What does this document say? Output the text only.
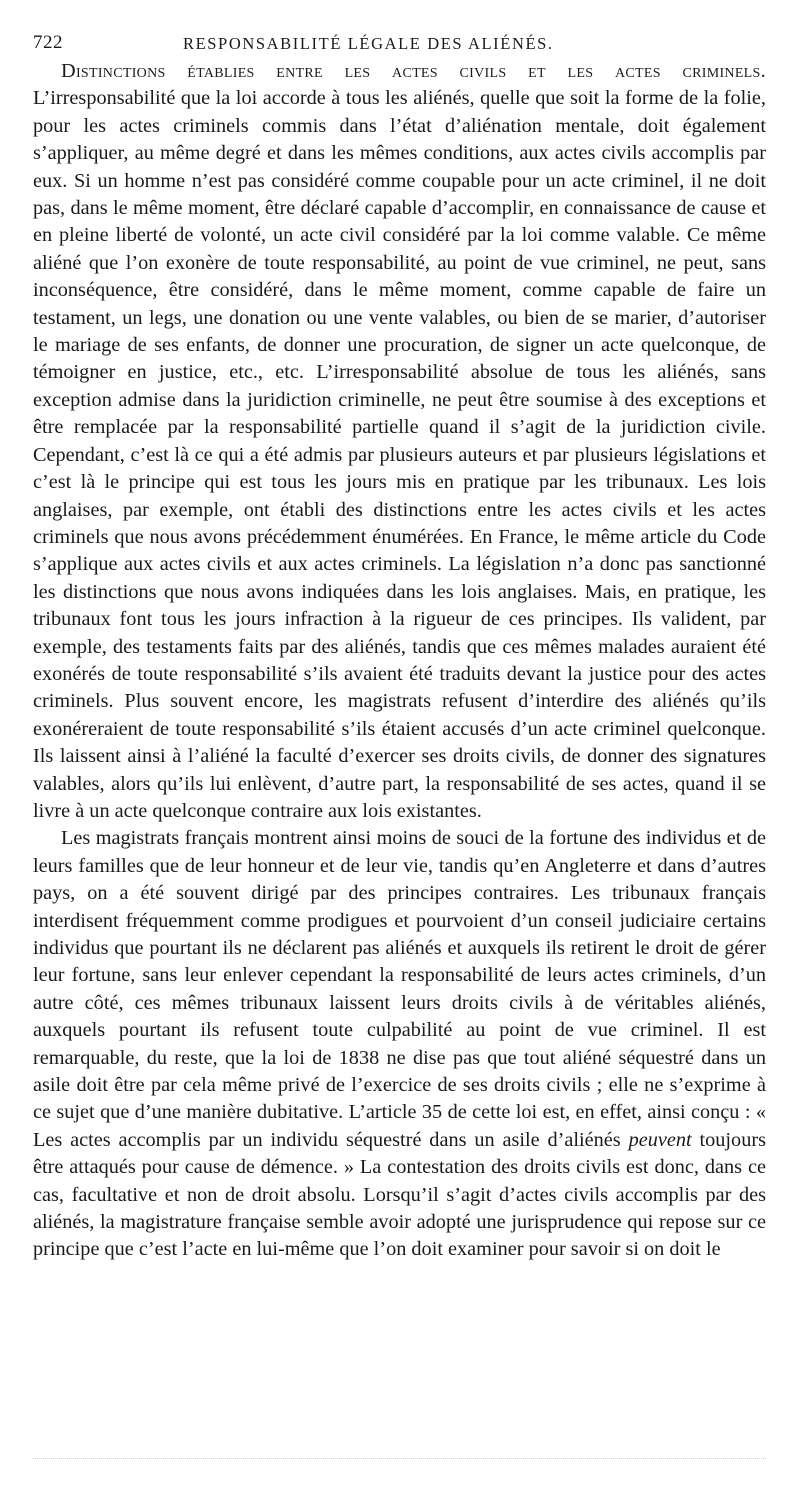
722	RESPONSABILITÉ LÉGALE DES ALIÉNÉS.

Distinctions établies entre les actes civils et les actes criminels. L’irresponsabilité que la loi accorde à tous les aliénés, quelle que soit la forme de la folie, pour les actes criminels commis dans l’état d’aliénation mentale, doit également s’appliquer, au même degré et dans les mêmes conditions, aux actes civils accomplis par eux. Si un homme n’est pas considéré comme coupable pour un acte criminel, il ne doit pas, dans le même moment, être déclaré capable d’accomplir, en connaissance de cause et en pleine liberté de volonté, un acte civil considéré par la loi comme valable. Ce même aliéné que l’on exonère de toute responsabilité, au point de vue criminel, ne peut, sans inconséquence, être considéré, dans le même moment, comme capable de faire un testament, un legs, une donation ou une vente valables, ou bien de se marier, d’autoriser le mariage de ses enfants, de donner une procuration, de signer un acte quelconque, de témoigner en justice, etc., etc. L’irresponsabilité absolue de tous les aliénés, sans exception admise dans la juridiction criminelle, ne peut être soumise à des exceptions et être remplacée par la responsabilité partielle quand il s’agit de la juridiction civile. Cependant, c’est là ce qui a été admis par plusieurs auteurs et par plusieurs législations et c’est là le principe qui est tous les jours mis en pratique par les tribunaux. Les lois anglaises, par exemple, ont établi des distinctions entre les actes civils et les actes criminels que nous avons précédemment énumérées. En France, le même article du Code s’applique aux actes civils et aux actes criminels. La législation n’a donc pas sanctionné les distinctions que nous avons indiquées dans les lois anglaises. Mais, en pratique, les tribunaux font tous les jours infraction à la rigueur de ces principes. Ils valident, par exemple, des testaments faits par des aliénés, tandis que ces mêmes malades auraient été exonérés de toute responsabilité s’ils avaient été traduits devant la justice pour des actes criminels. Plus souvent encore, les magistrats refusent d’interdire des aliénés qu’ils exonéreraient de toute responsabilité s’ils étaient accusés d’un acte criminel quelconque. Ils laissent ainsi à l’aliéné la faculté d’exercer ses droits civils, de donner des signatures valables, alors qu’ils lui enlèvent, d’autre part, la responsabilité de ses actes, quand il se livre à un acte quelconque contraire aux lois existantes.

Les magistrats français montrent ainsi moins de souci de la fortune des individus et de leurs familles que de leur honneur et de leur vie, tandis qu’en Angleterre et dans d’autres pays, on a été souvent dirigé par des principes contraires. Les tribunaux français interdisent fréquemment comme prodigues et pourvoient d’un conseil judiciaire certains individus que pourtant ils ne déclarent pas aliénés et auxquels ils retirent le droit de gérer leur fortune, sans leur enlever cependant la responsabilité de leurs actes criminels, d’un autre côté, ces mêmes tribunaux laissent leurs droits civils à de véritables aliénés, auxquels pourtant ils refusent toute culpabilité au point de vue criminel. Il est remarquable, du reste, que la loi de 1838 ne dise pas que tout aliéné séquestré dans un asile doit être par cela même privé de l’exercice de ses droits civils ; elle ne s’exprime à ce sujet que d’une manière dubitative. L’article 35 de cette loi est, en effet, ainsi conçu : « Les actes accomplis par un individu séquestré dans un asile d’aliénés peuvent toujours être attaqués pour cause de démence. » La contestation des droits civils est donc, dans ce cas, facultative et non de droit absolu. Lorsqu’il s’agit d’actes civils accomplis par des aliénés, la magistrature française semble avoir adopté une jurisprudence qui repose sur ce principe que c’est l’acte en lui-même que l’on doit examiner pour savoir si on doit le
